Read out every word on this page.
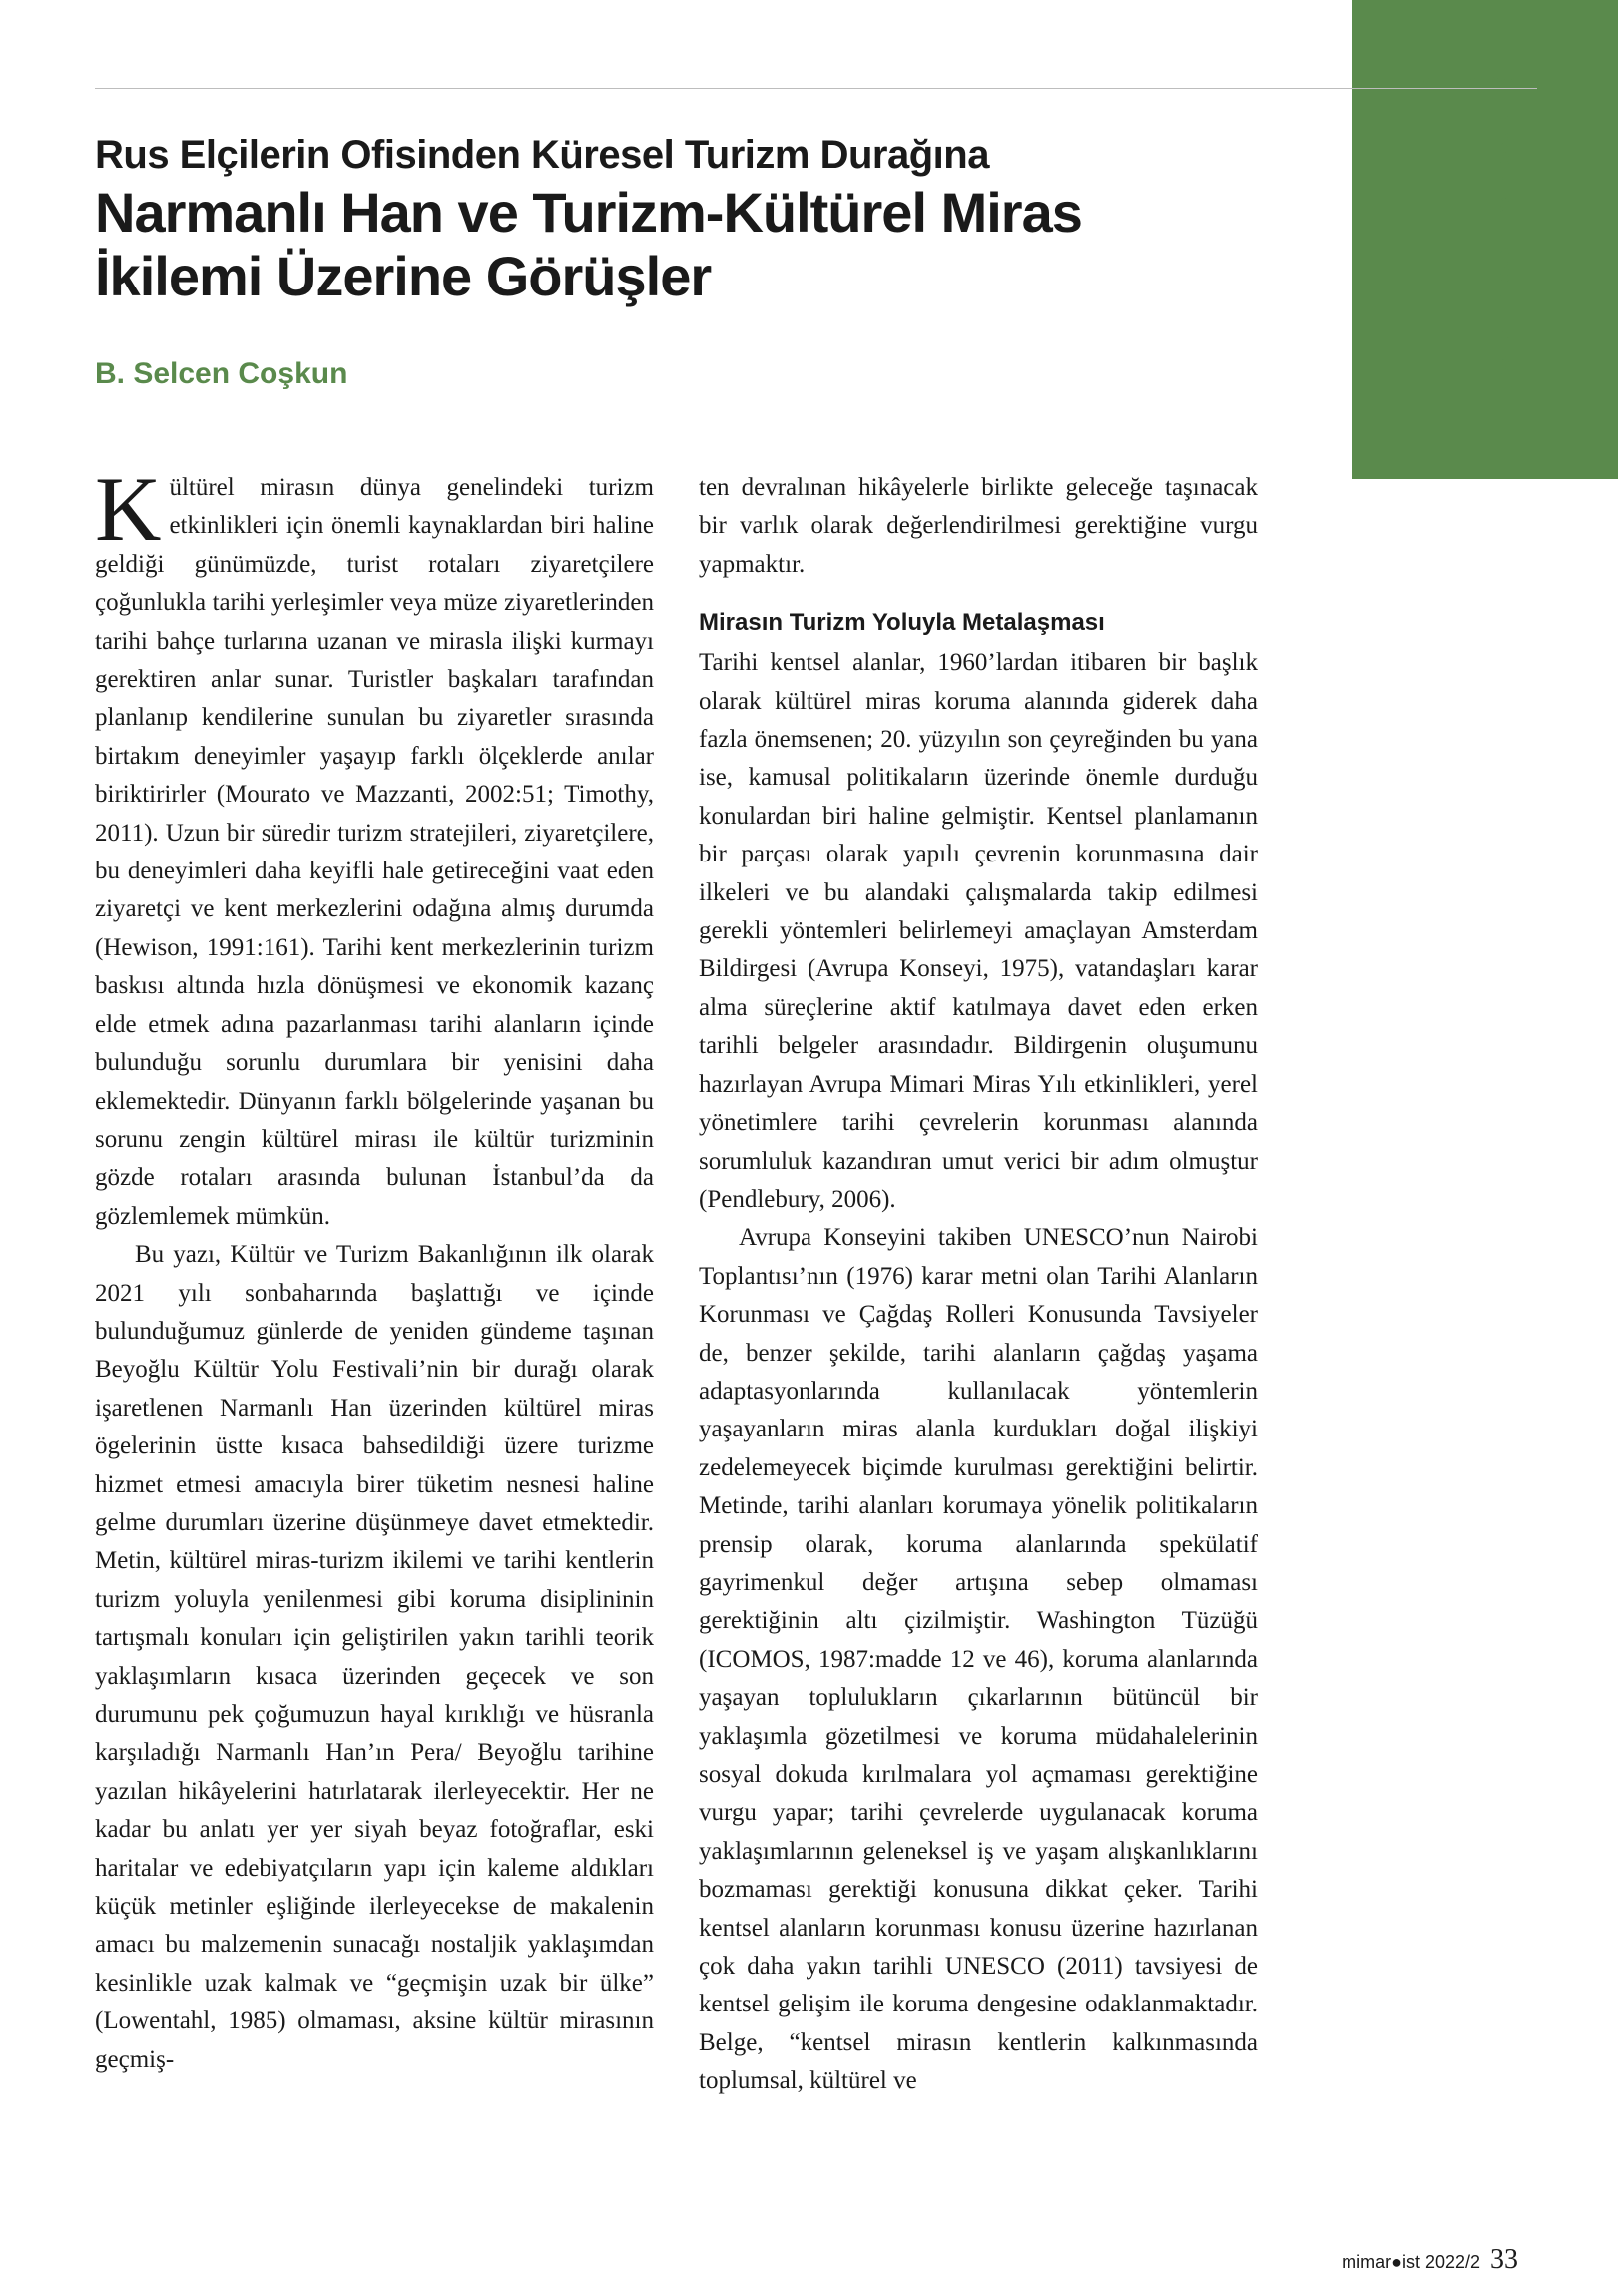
MİNİ DOSYA
BEYOĞLU KÜLTÜR YOLU FESTİVALİ

Rus Elçilerin Ofisinden Küresel Turizm Durağına

Narmanlı Han ve Turizm-Kültürel Miras
İkilemi Üzerine Görüşler
B. Selcen Coşkun

Kültürel mirasın dünya genelindeki turizm etkinlikleri için önemli kaynaklardan biri haline geldiği günümüzde, turist rotaları ziyaretçilere çoğunlukla tarihi yerleşimler veya müze ziyaretlerinden tarihi bahçe turlarına uzanan ve mirasla ilişki kurmayı gerektiren anlar sunar. Turistler başkaları tarafından planlanıp kendilerine sunulan bu ziyaretler sırasında birtakım deneyimler yaşayıp farklı ölçeklerde anılar biriktirirler (Mourato ve Mazzanti, 2002:51; Timothy, 2011). Uzun bir süredir turizm stratejileri, ziyaretçilere, bu deneyimleri daha keyifli hale getireceğini vaat eden ziyaretçi ve kent merkezlerini odağına almış durumda (Hewison, 1991:161). Tarihi kent merkezlerinin turizm baskısı altında hızla dönüşmesi ve ekonomik kazanç elde etmek adına pazarlanması tarihi alanların içinde bulunduğu sorunlu durumlara bir yenisini daha eklemektedir. Dünyanın farklı bölgelerinde yaşanan bu sorunu zengin kültürel mirası ile kültür turizminin gözde rotaları arasında bulunan İstanbul’da da gözlemlemek mümkün.

Bu yazı, Kültür ve Turizm Bakanlığının ilk olarak 2021 yılı sonbaharında başlattığı ve içinde bulunduğumuz günlerde de yeniden gündeme taşınan Beyoğlu Kültür Yolu Festivali’nin bir durağı olarak işaretlenen Narmanlı Han üzerinden kültürel miras ögelerinin üstte kısaca bahsedildiği üzere turizme hizmet etmesi amacıyla birer tüketim nesnesi haline gelme durumları üzerine düşünmeye davet etmektedir. Metin, kültürel miras-turizm ikilemi ve tarihi kentlerin turizm yoluyla yenilenmesi gibi koruma disiplininin tartışmalı konuları için geliştirilen yakın tarihli teorik yaklaşımların kısaca üzerinden geçecek ve son durumunu pek çoğumuzun hayal kırıklığı ve hüsranla karşıladığı Narmanlı Han’ın Pera/ Beyoğlu tarihine yazılan hikâyelerini hatırlatarak ilerleyecektir. Her ne kadar bu anlatı yer yer siyah beyaz fotoğraflar, eski haritalar ve edebiyatçıların yapı için kaleme aldıkları küçük metinler eşliğinde ilerleyecekse de makalenin amacı bu malzemenin sunacağı nostaljik yaklaşımdan kesinlikle uzak kalmak ve “geçmişin uzak bir ülke” (Lowentahl, 1985) olmaması, aksine kültür mirasının geçmiş-

ten devralınan hikâyelerle birlikte geleceğe taşınacak bir varlık olarak değerlendirilmesi gerektiğine vurgu yapmaktır.

Mirasın Turizm Yoluyla Metalaşması

Tarihi kentsel alanlar, 1960’lardan itibaren bir başlık olarak kültürel miras koruma alanında giderek daha fazla önemsenen; 20. yüzyılın son çeyreğinden bu yana ise, kamusal politikaların üzerinde önemle durduğu konulardan biri haline gelmiştir. Kentsel planlamanın bir parçası olarak yapılı çevrenin korunmasına dair ilkeleri ve bu alandaki çalışmalarda takip edilmesi gerekli yöntemleri belirlemeyi amaçlayan Amsterdam Bildirgesi (Avrupa Konseyi, 1975), vatandaşları karar alma süreçlerine aktif katılmaya davet eden erken tarihli belgeler arasındadır. Bildirgenin oluşumunu hazırlayan Avrupa Mimari Miras Yılı etkinlikleri, yerel yönetimlere tarihi çevrelerin korunması alanında sorumluluk kazandıran umut verici bir adım olmuştur (Pendlebury, 2006).

Avrupa Konseyini takiben UNESCO’nun Nairobi Toplantısı’nın (1976) karar metni olan Tarihi Alanların Korunması ve Çağdaş Rolleri Konusunda Tavsiyeler de, benzer şekilde, tarihi alanların çağdaş yaşama adaptasyonlarında kullanılacak yöntemlerin yaşayanların miras alanla kurdukları doğal ilişkiyi zedelemeyecek biçimde kurulması gerektiğini belirtir. Metinde, tarihi alanları korumaya yönelik politikaların prensip olarak, koruma alanlarında spekülatif gayrimenkul değer artışına sebep olmaması gerektiğinin altı çizilmiştir. Washington Tüzüğü (ICOMOS, 1987:madde 12 ve 46), koruma alanlarında yaşayan toplulukların çıkarlarının bütüncül bir yaklaşımla gözetilmesi ve koruma müdahalelerinin sosyal dokuda kırılmalara yol açmaması gerektiğine vurgu yapar; tarihi çevrelerde uygulanacak koruma yaklaşımlarının geleneksel iş ve yaşam alışkanlıklarını bozmaması gerektiği konusuna dikkat çeker. Tarihi kentsel alanların korunması konusu üzerine hazırlanan çok daha yakın tarihli UNESCO (2011) tavsiyesi de kentsel gelişim ile koruma dengesine odaklanmaktadır. Belge, “kentsel mirasın kentlerin kalkınmasında toplumsal, kültürel ve

mimar●ist 2022/2 33
